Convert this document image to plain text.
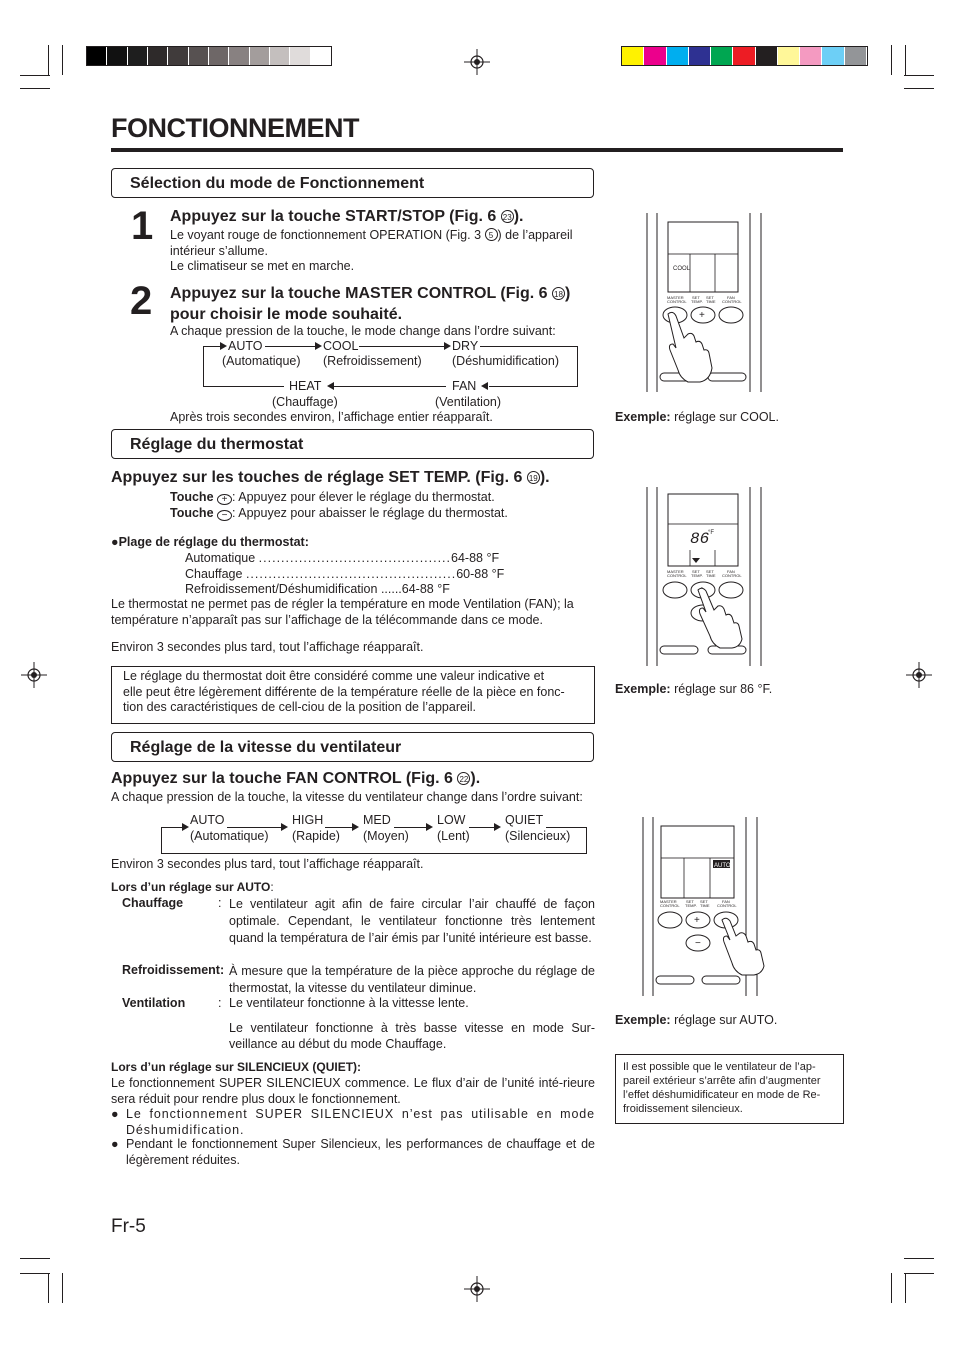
FONCTIONNEMENT
Sélection du mode de Fonctionnement
1 Appuyez sur la touche START/STOP (Fig. 6 23 ).

Le voyant rouge de fonctionnement OPERATION (Fig. 3 5 ) de l’appareil

intérieur s’allume.

Le climatiseur se met en marche.

2 Appuyez sur la touche MASTER CONTROL (Fig. 6 18 )

pour choisir le mode souhaité.

A chaque pression de la touche, le mode change dans l’ordre suivant:
AUTO
(Automatique)
COOL
(Refroidissement)
DRY
(Déshumidification)
FAN
(Ventilation)
HEAT
(Chauffage)
Après trois secondes environ, l’affichage entier réapparaît.
COOL
MASTER
CONTROL
SET
TEMP.
SET
TIME
FAN
CONTROL
+
Exemple: réglage sur COOL.
Réglage du thermostat
Appuyez sur les touches de réglage SET TEMP. (Fig. 6 19 ).
Touche + : Appuyez pour élever le réglage du thermostat.
Touche − : Appuyez pour abaisser le réglage du thermostat.
●Plage de réglage du thermostat:
Automatique ...........................................64-88 °F
Chauffage ...............................................60-88 °F
Refroidissement/Déshumidification ......64-88 °F

Le thermostat ne permet pas de régler la température en mode Ventilation (FAN); la

température n’apparaît pas sur l’affichage de la télécommande dans ce mode.

Environ 3 secondes plus tard, tout l’affichage réapparaît.

Le réglage du thermostat doit être considéré comme une valeur indicative et

elle peut être légèrement différente de la température réelle de la pièce en fonc-

tion des caractéristiques de cell-ciou de la position de l’appareil.

86
°F
MASTER
CONTROL
SET
TEMP.
SET
TIME
FAN
CONTROL
Exemple: réglage sur 86 °F.
Réglage de la vitesse du ventilateur
Appuyez sur la touche FAN CONTROL (Fig. 6 22 ).
A chaque pression de la touche, la vitesse du ventilateur change dans l’ordre suivant:
AUTO
(Automatique)
HIGH
(Rapide)
MED
(Moyen)
LOW
(Lent)
QUIET
(Silencieux)
Environ 3 secondes plus tard, tout l’affichage réapparaît.
Lors d’un réglage sur AUTO:
Chauffage	: Le ventilateur agit afin de faire circular l’air chauffé de façon optimale. Cependant, le ventilateur fonctionne très lentement quand la températura de l’air émis par l’unité intérieure est basse.
Refroidissement: À mesure que la température de la pièce approche du réglage de thermostat, la vitesse du ventilateur diminue.
Ventilation	: Le ventilateur fonctionne à la vittesse lente.
Le ventilateur fonctionne à très basse vitesse en mode Sur-veillance au début du mode Chauffage.
Lors d’un réglage sur SILENCIEUX (QUIET):
Le fonctionnement SUPER SILENCIEUX commence. Le flux d’air de l’unité inté-rieure sera réduit pour rendre plus doux le fonctionnement.
● Le fonctionnement SUPER SILENCIEUX n’est pas utilisable en mode Déshumidification.
● Pendant le fonctionnement Super Silencieux, les performances de chauffage et de légèrement réduites.
AUTO
MASTER
CONTROL
SET
TEMP.
SET
TIME
FAN
CONTROL
+
−
Exemple: réglage sur AUTO.
Il est possible que le ventilateur de l’ap-pareil extérieur s’arrête afin d’augmenter l’effet déshumidificateur en mode de Re-froidissement silencieux.
Fr-5
